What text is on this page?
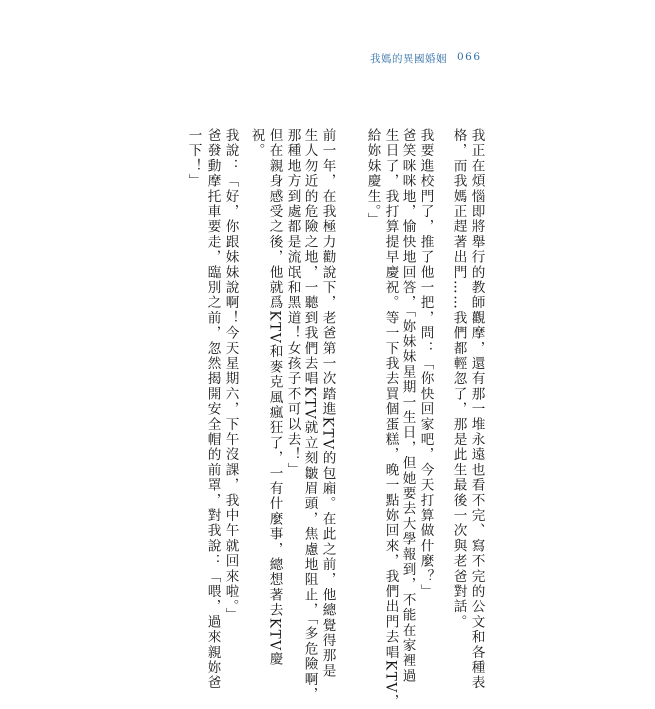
我媽的異國婚姻 066
我正在煩惱即將舉行的教師觀摩，還有那一堆永遠也看不完、寫不完的公文和各種表
格，而我媽正趕著出門……我們都輕忽了，那是此生最後一次與老爸對話。
我要進校門了，推了他一把，問：「你快回家吧，今天打算做什麼？」
爸笑咪咪地，愉快地回答，「妳妹妹星期一生日，但她要去大學報到，不能在家裡過
生日了，我打算提早慶祝。等一下我去買個蛋糕，晚一點妳回來，我們出門去唱KTV，
給妳妹慶生。」
前一年，在我極力勸說下，老爸第一次踏進KTV的包廂。在此之前，他總覺得那是
生人勿近的危險之地，一聽到我們去唱KTV就立刻皺眉頭，焦慮地阻止，「多危險啊，
那種地方到處都是流氓和黑道！女孩子不可以去！」
但在親身感受之後，他就爲KTV和麥克風瘋狂了，一有什麼事，總想著去KTV慶
祝。
我說：「好，你跟妹妹說啊！今天星期六，下午沒課，我中午就回來啦。」
爸發動摩托車要走，臨別之前，忽然揭開安全帽的前罩，對我說：「喂，過來親妳爸
一下！」
